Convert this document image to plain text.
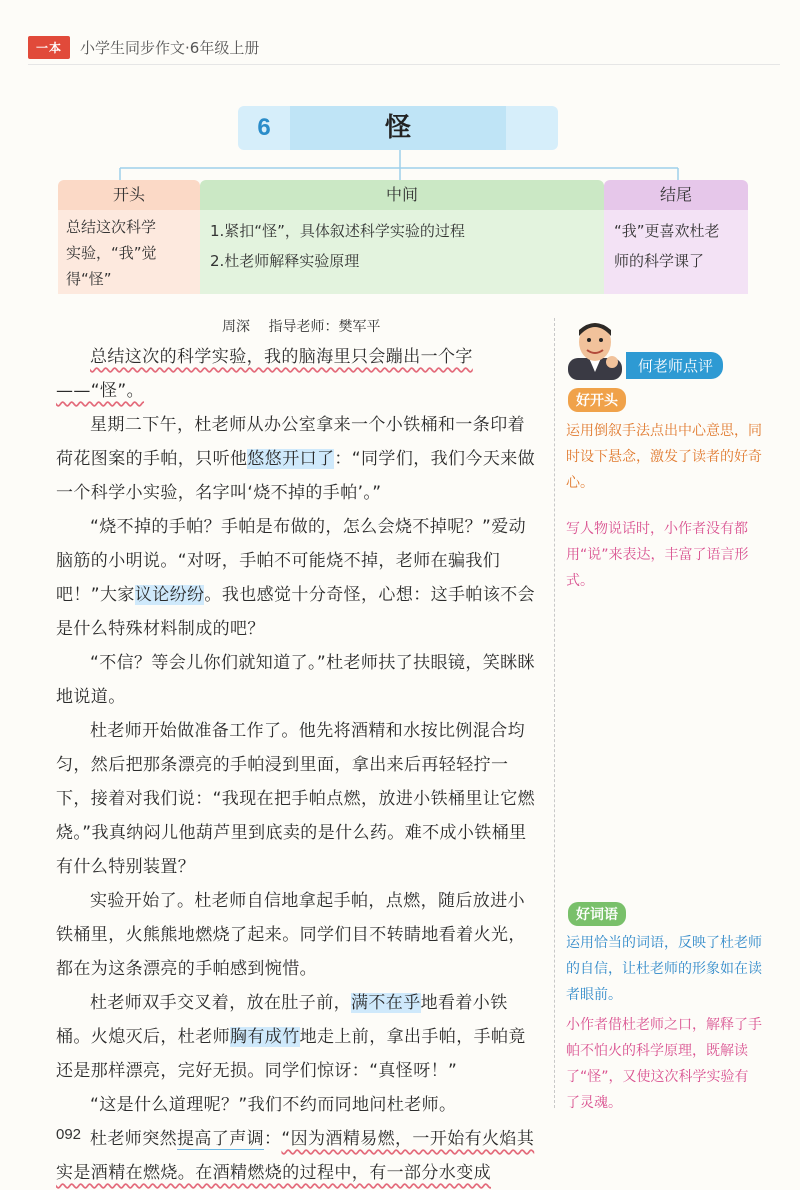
一本	小学生同步作文·6年级上册
6	怪
开头
总结这次科学
实验，“我”觉
得“怪”
中间
1.紧扣“怪”，具体叙述科学实验的过程
2.杜老师解释实验原理
结尾
“我”更喜欢杜老
师的科学课了
周深 指导老师：樊军平

总结这次的科学实验，我的脑海里只会蹦出一个字——“怪”。

星期二下午，杜老师从办公室拿来一个小铁桶和一条印着荷花图案的手帕，只听他悠悠开口了：“同学们，我们今天来做一个科学小实验，名字叫‘烧不掉的手帕’。”

“烧不掉的手帕？手帕是布做的，怎么会烧不掉呢？”爱动脑筋的小明说。“对呀，手帕不可能烧不掉，老师在骗我们吧！”大家议论纷纷。我也感觉十分奇怪，心想：这手帕该不会是什么特殊材料制成的吧？

“不信？等会儿你们就知道了。”杜老师扶了扶眼镜，笑眯眯地说道。

杜老师开始做准备工作了。他先将酒精和水按比例混合均匀，然后把那条漂亮的手帕浸到里面，拿出来后再轻轻拧一下，接着对我们说：“我现在把手帕点燃，放进小铁桶里让它燃烧。”我真纳闷儿他葫芦里到底卖的是什么药。难不成小铁桶里有什么特别装置？

实验开始了。杜老师自信地拿起手帕，点燃，随后放进小铁桶里，火熊熊地燃烧了起来。同学们目不转睛地看着火光，都在为这条漂亮的手帕感到惋惜。

杜老师双手交叉着，放在肚子前，满不在乎地看着小铁桶。火熄灭后，杜老师胸有成竹地走上前，拿出手帕，手帕竟还是那样漂亮，完好无损。同学们惊讶：“真怪呀！”

“这是什么道理呢？”我们不约而同地问杜老师。

杜老师突然提高了声调：“因为酒精易燃，一开始有火焰其实是酒精在燃烧。在酒精燃烧的过程中，有一部分水变成

092
何老师点评
好开头
运用倒叙手法点出中心意思，同时设下悬念，激发了读者的好奇心。
写人物说话时，小作者没有都用“说”来表达，丰富了语言形式。
好词语
运用恰当的词语，反映了杜老师的自信，让杜老师的形象如在读者眼前。
小作者借杜老师之口，解释了手帕不怕火的科学原理，既解读了“怪”，又使这次科学实验有了灵魂。
